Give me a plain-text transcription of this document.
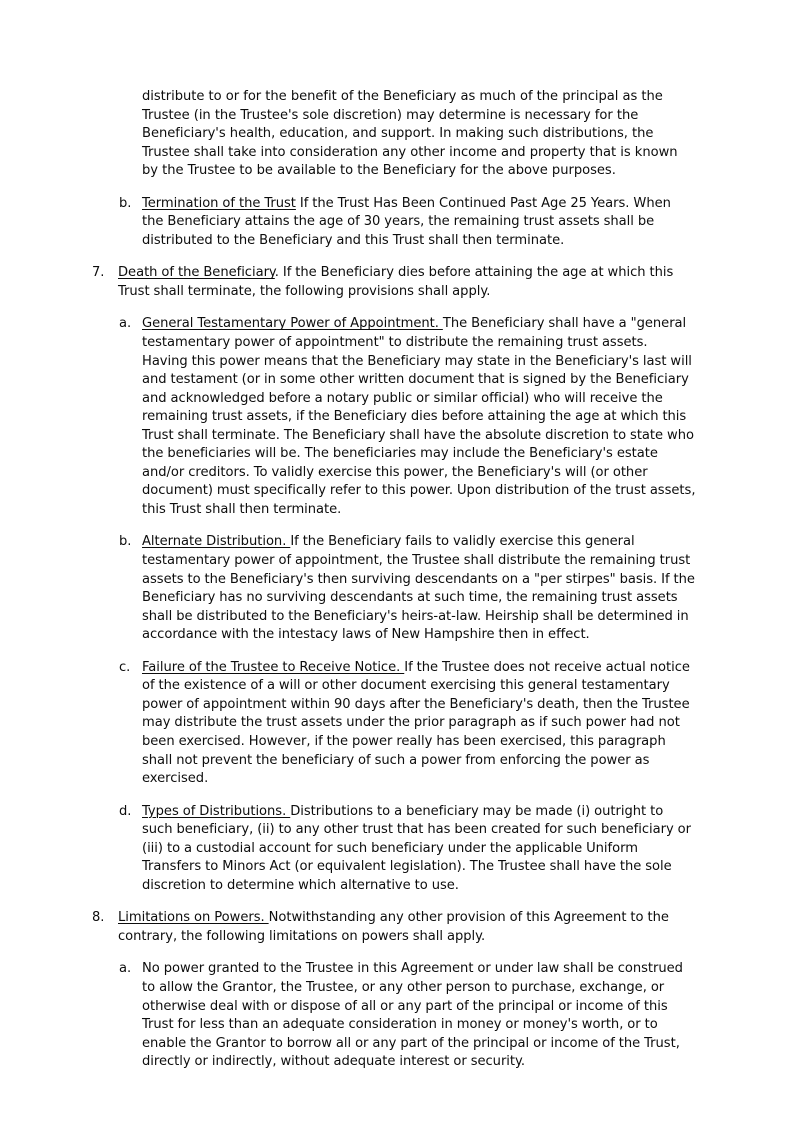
distribute to or for the benefit of the Beneficiary as much of the principal as the Trustee (in the Trustee's sole discretion) may determine is necessary for the Beneficiary's health, education, and support. In making such distributions, the Trustee shall take into consideration any other income and property that is known by the Trustee to be available to the Beneficiary for the above purposes.
b. Termination of the Trust If the Trust Has Been Continued Past Age 25 Years. When the Beneficiary attains the age of 30 years, the remaining trust assets shall be distributed to the Beneficiary and this Trust shall then terminate.
7.	Death of the Beneficiary. If the Beneficiary dies before attaining the age at which this Trust shall terminate, the following provisions shall apply.
a. General Testamentary Power of Appointment. The Beneficiary shall have a "general testamentary power of appointment" to distribute the remaining trust assets. Having this power means that the Beneficiary may state in the Beneficiary's last will and testament (or in some other written document that is signed by the Beneficiary and acknowledged before a notary public or similar official) who will receive the remaining trust assets, if the Beneficiary dies before attaining the age at which this Trust shall terminate. The Beneficiary shall have the absolute discretion to state who the beneficiaries will be. The beneficiaries may include the Beneficiary's estate and/or creditors. To validly exercise this power, the Beneficiary's will (or other document) must specifically refer to this power. Upon distribution of the trust assets, this Trust shall then terminate.
b. Alternate Distribution. If the Beneficiary fails to validly exercise this general testamentary power of appointment, the Trustee shall distribute the remaining trust assets to the Beneficiary's then surviving descendants on a "per stirpes" basis. If the Beneficiary has no surviving descendants at such time, the remaining trust assets shall be distributed to the Beneficiary's heirs-at-law. Heirship shall be determined in accordance with the intestacy laws of New Hampshire then in effect.
c. Failure of the Trustee to Receive Notice. If the Trustee does not receive actual notice of the existence of a will or other document exercising this general testamentary power of appointment within 90 days after the Beneficiary's death, then the Trustee may distribute the trust assets under the prior paragraph as if such power had not been exercised. However, if the power really has been exercised, this paragraph shall not prevent the beneficiary of such a power from enforcing the power as exercised.
d. Types of Distributions. Distributions to a beneficiary may be made (i) outright to such beneficiary, (ii) to any other trust that has been created for such beneficiary or (iii) to a custodial account for such beneficiary under the applicable Uniform Transfers to Minors Act (or equivalent legislation). The Trustee shall have the sole discretion to determine which alternative to use.
8.	Limitations on Powers. Notwithstanding any other provision of this Agreement to the contrary, the following limitations on powers shall apply.
a. No power granted to the Trustee in this Agreement or under law shall be construed to allow the Grantor, the Trustee, or any other person to purchase, exchange, or otherwise deal with or dispose of all or any part of the principal or income of this Trust for less than an adequate consideration in money or money's worth, or to enable the Grantor to borrow all or any part of the principal or income of the Trust, directly or indirectly, without adequate interest or security.
